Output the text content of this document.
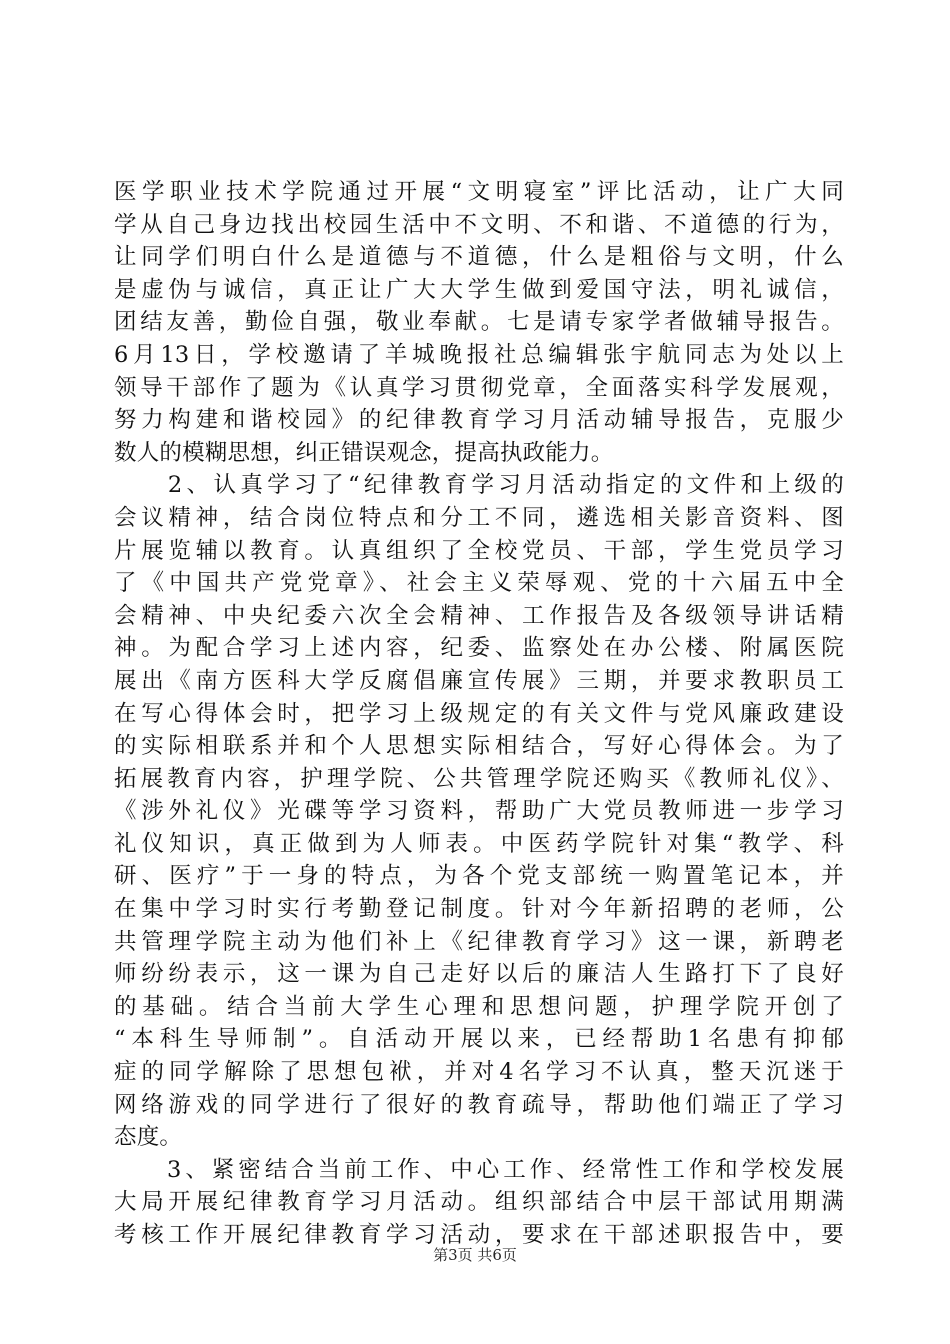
医学职业技术学院通过开展“文明寝室”评比活动，让广大同
学从自己身边找出校园生活中不文明、不和谐、不道德的行为，
让同学们明白什么是道德与不道德，什么是粗俗与文明，什么
是虚伪与诚信，真正让广大大学生做到爱国守法，明礼诚信，
团结友善，勤俭自强，敬业奉献。七是请专家学者做辅导报告。
6月13日，学校邀请了羊城晚报社总编辑张宇航同志为处以上
领导干部作了题为《认真学习贯彻党章，全面落实科学发展观，
努力构建和谐校园》的纪律教育学习月活动辅导报告，克服少
数人的模糊思想，纠正错误观念，提高执政能力。
　　2、认真学习了“纪律教育学习月活动指定的文件和上级的
会议精神，结合岗位特点和分工不同，遴选相关影音资料、图
片展览辅以教育。认真组织了全校党员、干部，学生党员学习
了《中国共产党党章》、社会主义荣辱观、党的十六届五中全
会精神、中央纪委六次全会精神、工作报告及各级领导讲话精
神。为配合学习上述内容，纪委、监察处在办公楼、附属医院
展出《南方医科大学反腐倡廉宣传展》三期，并要求教职员工
在写心得体会时，把学习上级规定的有关文件与党风廉政建设
的实际相联系并和个人思想实际相结合，写好心得体会。为了
拓展教育内容，护理学院、公共管理学院还购买《教师礼仪》、
《涉外礼仪》光碟等学习资料，帮助广大党员教师进一步学习
礼仪知识，真正做到为人师表。中医药学院针对集“教学、科
研、医疗”于一身的特点，为各个党支部统一购置笔记本，并
在集中学习时实行考勤登记制度。针对今年新招聘的老师，公
共管理学院主动为他们补上《纪律教育学习》这一课，新聘老
师纷纷表示，这一课为自己走好以后的廉洁人生路打下了良好
的基础。结合当前大学生心理和思想问题，护理学院开创了
“本科生导师制”。自活动开展以来，已经帮助1名患有抑郁
症的同学解除了思想包袱，并对4名学习不认真，整天沉迷于
网络游戏的同学进行了很好的教育疏导，帮助他们端正了学习
态度。
　　3、紧密结合当前工作、中心工作、经常性工作和学校发展
大局开展纪律教育学习月活动。组织部结合中层干部试用期满
考核工作开展纪律教育学习活动，要求在干部述职报告中，要
第3页 共6页
